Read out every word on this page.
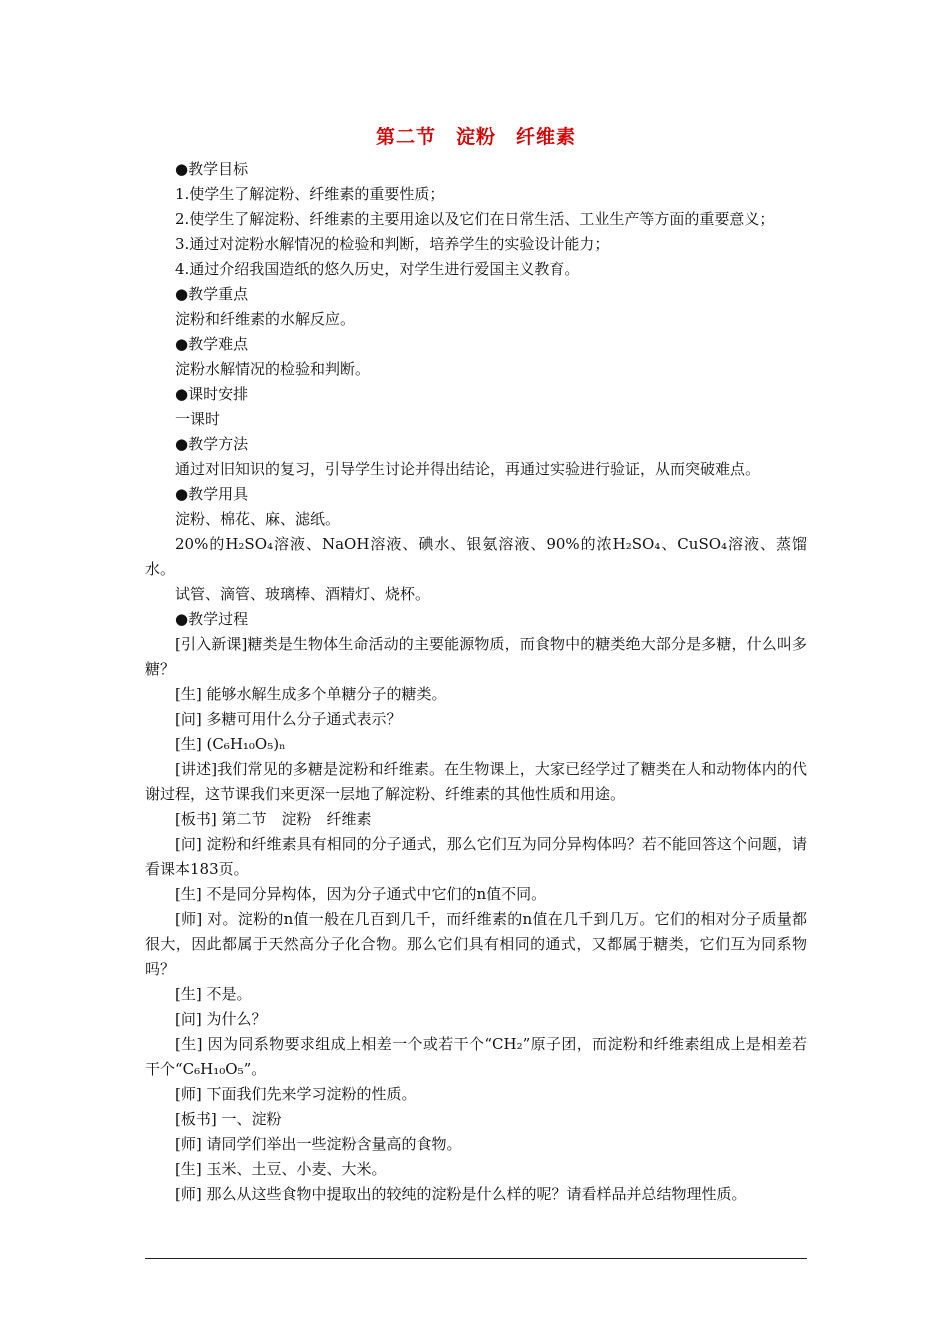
第二节　淀粉　纤维素

●教学目标

1.使学生了解淀粉、纤维素的重要性质；

2.使学生了解淀粉、纤维素的主要用途以及它们在日常生活、工业生产等方面的重要意义；

3.通过对淀粉水解情况的检验和判断，培养学生的实验设计能力；

4.通过介绍我国造纸的悠久历史，对学生进行爱国主义教育。

●教学重点

淀粉和纤维素的水解反应。

●教学难点

淀粉水解情况的检验和判断。

●课时安排

一课时

●教学方法

通过对旧知识的复习，引导学生讨论并得出结论，再通过实验进行验证，从而突破难点。

●教学用具

淀粉、棉花、麻、滤纸。

20%的H₂SO₄溶液、NaOH溶液、碘水、银氨溶液、90%的浓H₂SO₄、CuSO₄溶液、蒸馏水。

试管、滴管、玻璃棒、酒精灯、烧杯。

●教学过程

[引入新课]糖类是生物体生命活动的主要能源物质，而食物中的糖类绝大部分是多糖，什么叫多糖？

[生] 能够水解生成多个单糖分子的糖类。

[问] 多糖可用什么分子通式表示？

[生] (C₆H₁₀O₅)ₙ

[讲述]我们常见的多糖是淀粉和纤维素。在生物课上，大家已经学过了糖类在人和动物体内的代谢过程，这节课我们来更深一层地了解淀粉、纤维素的其他性质和用途。

[板书] 第二节　淀粉　纤维素

[问] 淀粉和纤维素具有相同的分子通式，那么它们互为同分异构体吗？若不能回答这个问题，请看课本183页。

[生] 不是同分异构体，因为分子通式中它们的n值不同。

[师] 对。淀粉的n值一般在几百到几千，而纤维素的n值在几千到几万。它们的相对分子质量都很大，因此都属于天然高分子化合物。那么它们具有相同的通式，又都属于糖类，它们互为同系物吗？

[生] 不是。

[问] 为什么？

[生] 因为同系物要求组成上相差一个或若干个“CH₂”原子团，而淀粉和纤维素组成上是相差若干个“C₆H₁₀O₅”。

[师] 下面我们先来学习淀粉的性质。

[板书] 一、淀粉

[师] 请同学们举出一些淀粉含量高的食物。

[生] 玉米、土豆、小麦、大米。

[师] 那么从这些食物中提取出的较纯的淀粉是什么样的呢？请看样品并总结物理性质。
